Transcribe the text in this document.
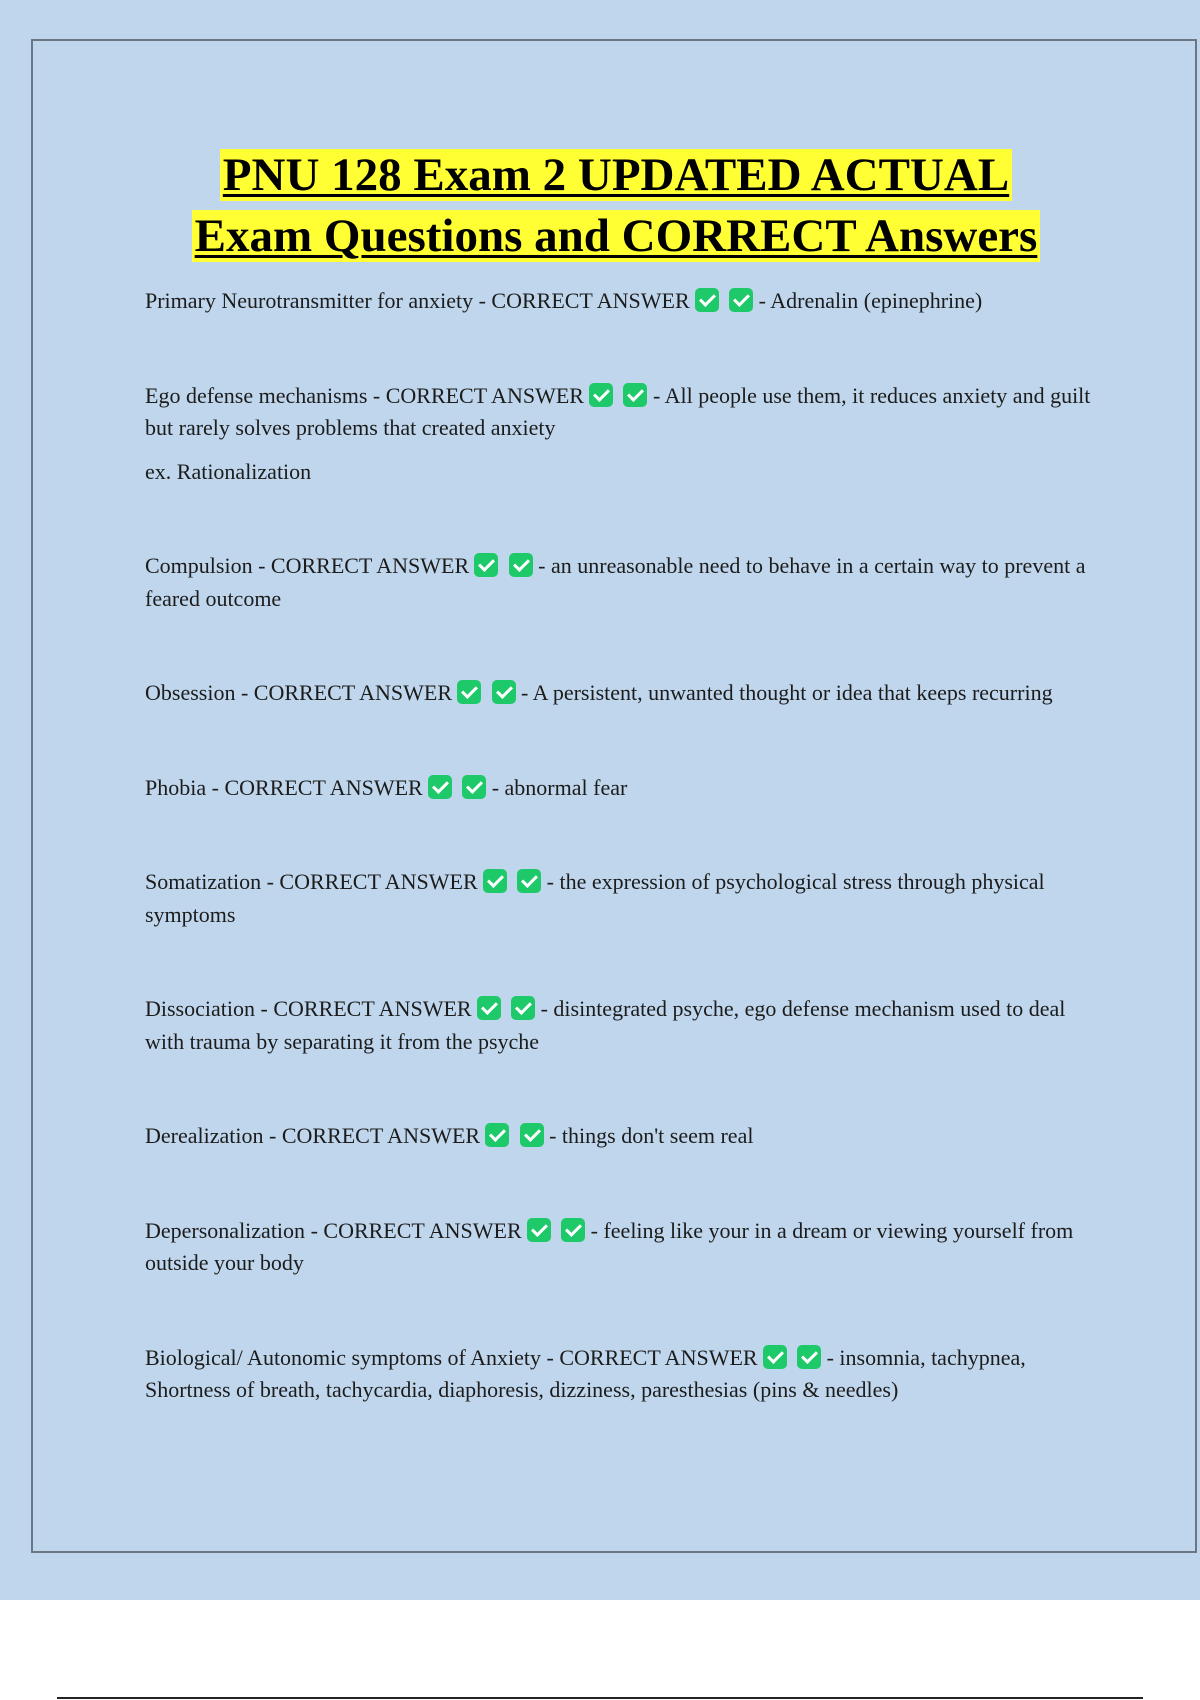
PNU 128 Exam 2 UPDATED ACTUAL
Exam Questions and CORRECT Answers

Primary Neurotransmitter for anxiety - CORRECT ANSWER	- Adrenalin (epinephrine)

Ego defense mechanisms - CORRECT ANSWER	- All people use them, it reduces anxiety and guilt but rarely solves problems that created anxiety

ex. Rationalization

Compulsion - CORRECT ANSWER	- an unreasonable need to behave in a certain way to prevent a feared outcome

Obsession - CORRECT ANSWER	- A persistent, unwanted thought or idea that keeps recurring

Phobia - CORRECT ANSWER	- abnormal fear

Somatization - CORRECT ANSWER	- the expression of psychological stress through physical symptoms

Dissociation - CORRECT ANSWER	- disintegrated psyche, ego defense mechanism used to deal with trauma by separating it from the psyche

Derealization - CORRECT ANSWER	- things don't seem real

Depersonalization - CORRECT ANSWER	- feeling like your in a dream or viewing yourself from outside your body

Biological/ Autonomic symptoms of Anxiety - CORRECT ANSWER	- insomnia, tachypnea, Shortness of breath, tachycardia, diaphoresis, dizziness, paresthesias (pins & needles)
